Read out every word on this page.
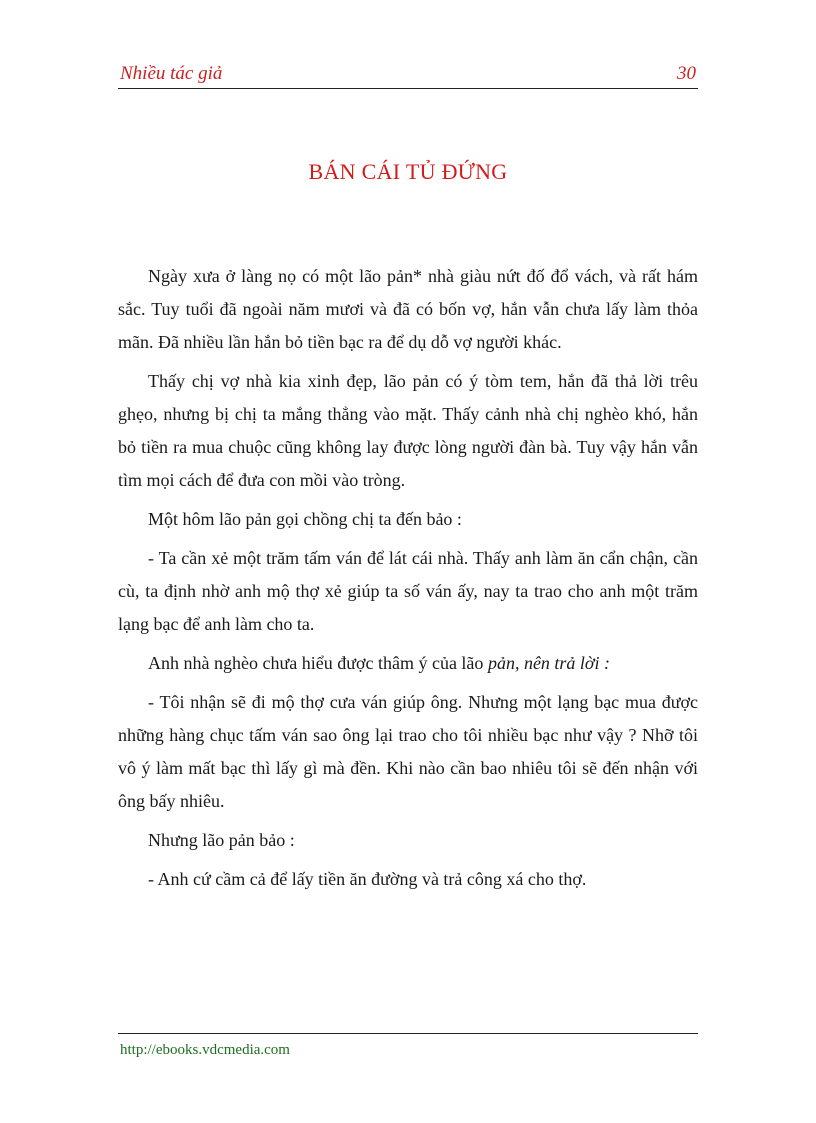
Nhiều tác giả	30
BÁN CÁI TỦ ĐỨNG

Ngày xưa ở làng nọ có một lão pản* nhà giàu nứt đố đổ vách, và rất hám sắc. Tuy tuổi đã ngoài năm mươi và đã có bốn vợ, hắn vẫn chưa lấy làm thỏa mãn. Đã nhiều lần hắn bỏ tiền bạc ra để dụ dỗ vợ người khác.

Thấy chị vợ nhà kia xinh đẹp, lão pản có ý tòm tem, hắn đã thả lời trêu ghẹo, nhưng bị chị ta mắng thẳng vào mặt. Thấy cảnh nhà chị nghèo khó, hắn bỏ tiền ra mua chuộc cũng không lay được lòng người đàn bà. Tuy vậy hắn vẫn tìm mọi cách để đưa con mồi vào tròng.

Một hôm lão pản gọi chồng chị ta đến bảo :

- Ta cần xẻ một trăm tấm ván để lát cái nhà. Thấy anh làm ăn cẩn chận, cần cù, ta định nhờ anh mộ thợ xẻ giúp ta số ván ấy, nay ta trao cho anh một trăm lạng bạc để anh làm cho ta.

Anh nhà nghèo chưa hiểu được thâm ý của lão pản, nên trả lời :

- Tôi nhận sẽ đi mộ thợ cưa ván giúp ông. Nhưng một lạng bạc mua được những hàng chục tấm ván sao ông lại trao cho tôi nhiều bạc như vậy ? Nhỡ tôi vô ý làm mất bạc thì lấy gì mà đền. Khi nào cần bao nhiêu tôi sẽ đến nhận với ông bấy nhiêu.

Nhưng lão pản bảo :

- Anh cứ cầm cả để lấy tiền ăn đường và trả công xá cho thợ.

http://ebooks.vdcmedia.com
